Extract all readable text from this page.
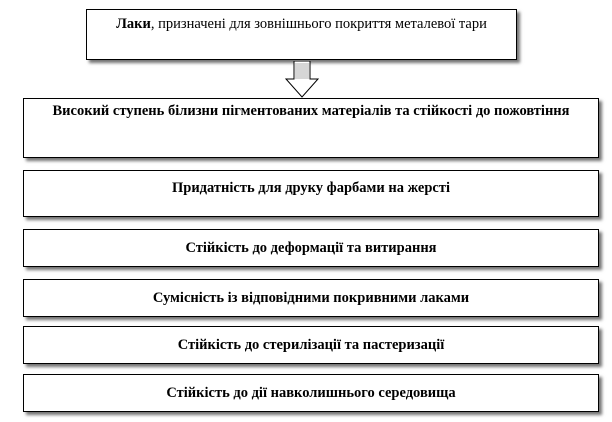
Лаки, призначені для зовнішнього покриття металевої тари
Високий ступень білизни пігментованих матеріалів та стійкості до пожовтіння
Придатність для друку фарбами на жерсті
Стійкість до деформації та витирання
Сумісність із відповідними покривними лаками
Стійкість до стерилізації та пастеризації
Стійкість до дії навколишнього середовища
